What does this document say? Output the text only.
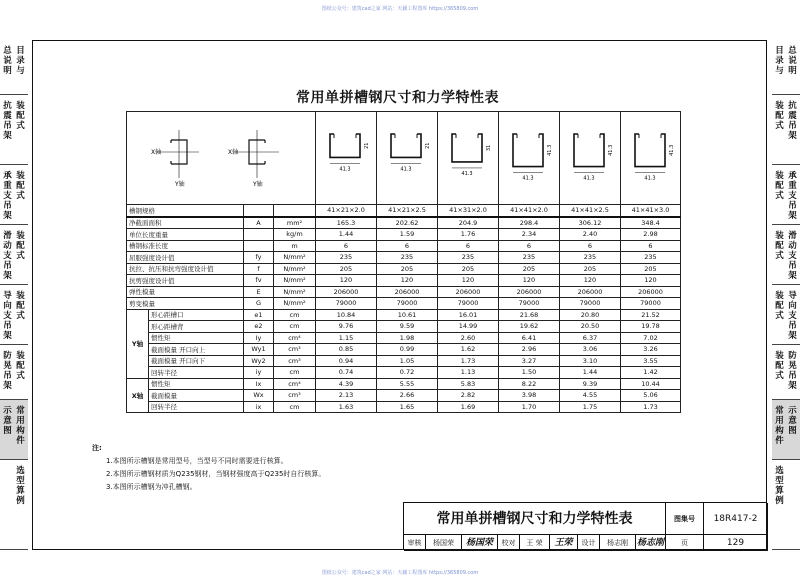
图纸公众号：建筑cad之家 网站：天籁工程图库 https://365809.com
图纸公众号：建筑cad之家 网站：天籁工程图库 https://365809.com
总说明
目录与
抗震吊架
装配式
承重支吊架
装配式
滑动支吊架
装配式
导向支吊架
装配式
防晃吊架
装配式
示意图
常用构件
选型算例
目录与
总说明
装配式
抗震吊架
装配式
承重支吊架
装配式
滑动支吊架
装配式
导向支吊架
装配式
防晃吊架
常用构件
示意图
选型算例
常用单拼槽钢尺寸和力学特性表
X轴
Y轴
X轴
Y轴				41.3
21	41.3
21	41.3
31	41.3
41.3	41.3
41.3	41.3
41.3

槽钢规格				41×21×2.0	41×21×2.5	41×31×2.0	41×41×2.0	41×41×2.5	41×41×3.0
净截面面积		A	mm²	165.3	202.62	204.9	298.4	306.12	348.4
单位长度重量			kg/m	1.44	1.59	1.76	2.34	2.40	2.98
槽钢标准长度			m	6	6	6	6	6	6
屈服强度设计值		fy	N/mm²	235	235	235	235	235	235
抗拉、抗压和抗弯强度设计值		f	N/mm²	205	205	205	205	205	205
抗剪强度设计值		fv	N/mm²	120	120	120	120	120	120
弹性模量		E	N/mm²	206000	206000	206000	206000	206000	206000
剪变模量		G	N/mm²	79000	79000	79000	79000	79000	79000
Y轴	形心距槽口	e1	cm	10.84	10.61	16.01	21.68	20.80	21.52
	形心距槽背	e2	cm	9.76	9.59	14.99	19.62	20.50	19.78
	惯性矩	Iy	cm⁴	1.15	1.98	2.60	6.41	6.37	7.02
	截面模量 开口向上	Wy1	cm³	0.85	0.99	1.62	2.96	3.06	3.26
	截面模量 开口向下	Wy2	cm³	0.94	1.05	1.73	3.27	3.10	3.55
	回转半径	iy	cm	0.74	0.72	1.13	1.50	1.44	1.42
X轴	惯性矩	Ix	cm⁴	4.39	5.55	5.83	8.22	9.39	10.44
	截面模量	Wx	cm³	2.13	2.66	2.82	3.98	4.55	5.06
	回转半径	ix	cm	1.63	1.65	1.69	1.70	1.75	1.73
注:
1.本图所示槽钢是常用型号，当型号不同时需要进行核算。
2.本图所示槽钢材质为Q235钢材，当钢材强度高于Q235时自行核算。
3.本图所示槽钢为冲孔槽钢。
常用单拼槽钢尺寸和力学特性表	图集号	18R417-2
审核	杨国荣	杨国荣	校对	王 荣	王荣	设计	杨志刚 杨志刚	页	129
